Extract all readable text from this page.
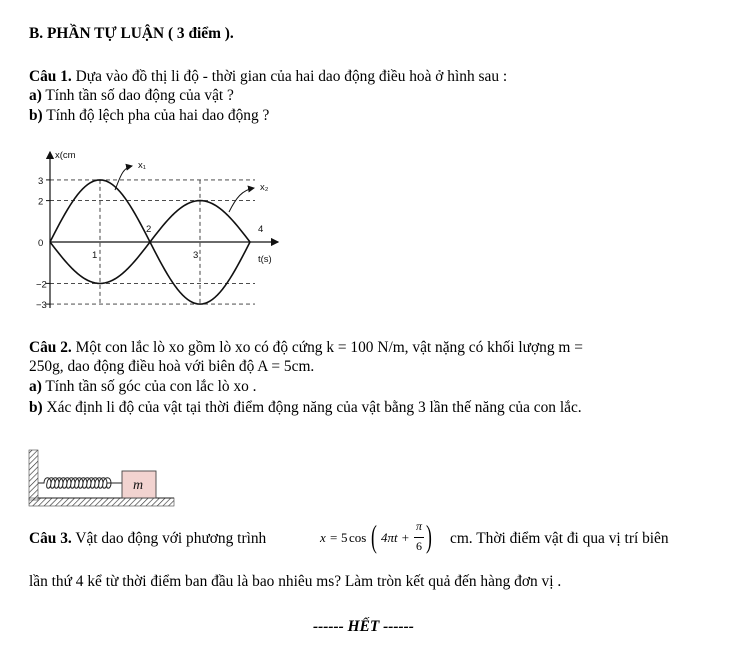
B. PHẦN TỰ LUẬN ( 3 điểm ).
Câu 1. Dựa vào đồ thị li độ - thời gian của hai dao động điều hoà ở hình sau :
a) Tính tần số dao động của vật ?
b) Tính độ lệch pha của hai dao động ?
3
2
0
−2
−3
1
2
3
4
x(cm
t(s)
x₁
x₂
Câu 2. Một con lắc lò xo gồm lò xo có độ cứng k = 100 N/m, vật nặng có khối lượng m =
250g, dao động điều hoà với biên độ A = 5cm.
a) Tính tần số góc của con lắc lò xo .
b) Xác định li độ của vật tại thời điểm động năng của vật bằng 3 lần thế năng của con lắc.
m
Câu 3. Vật dao động với phương trình	x = 5 cos ( 4πt +
π
6 ) cm. Thời điểm vật đi qua vị trí biên
lần thứ 4 kể từ thời điểm ban đầu là bao nhiêu ms? Làm tròn kết quả đến hàng đơn vị .
------ HẾT ------
